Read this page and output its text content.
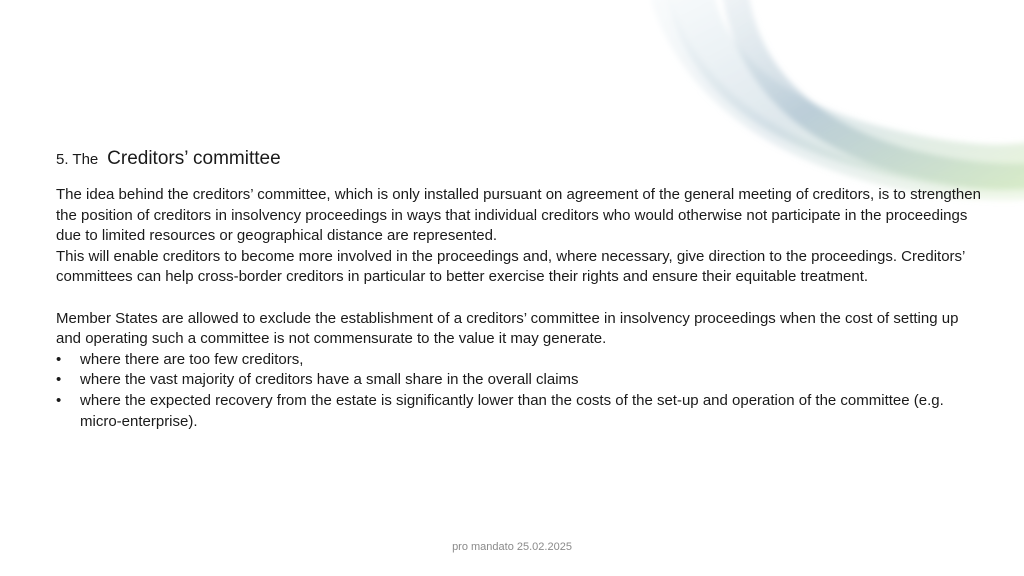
5. The Creditors’ committee

The idea behind the creditors’ committee, which is only installed pursuant on agreement of the general meeting of creditors, is to strengthen the position of creditors in insolvency proceedings in ways that individual creditors who would otherwise not participate in the proceedings due to limited resources or geographical distance are represented.

This will enable creditors to become more involved in the proceedings and, where necessary, give direction to the proceedings. Creditors’ committees can help cross-border creditors in particular to better exercise their rights and ensure their equitable treatment.

Member States are allowed to exclude the establishment of a creditors’ committee in insolvency proceedings when the cost of setting up and operating such a committee is not commensurate to the value it may generate.

• where there are too few creditors,
• where the vast majority of creditors have a small share in the overall claims
• where the expected recovery from the estate is significantly lower than the costs of the set-up and operation of the committee (e.g. micro-enterprise).
pro mandato 25.02.2025
